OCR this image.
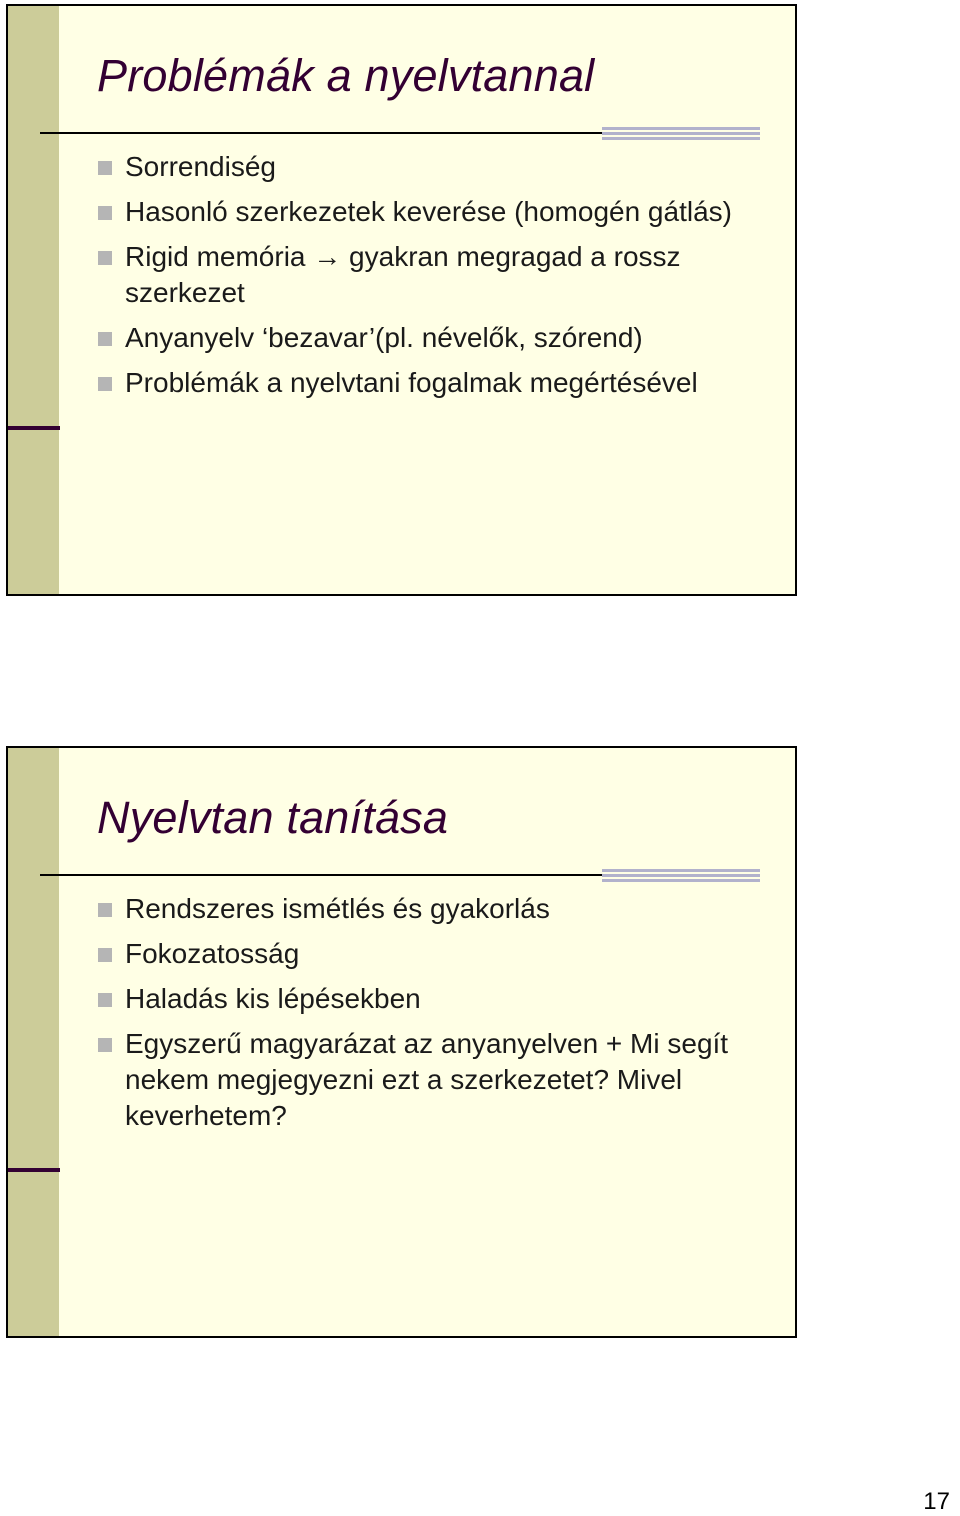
Problémák a nyelvtannal
Sorrendiség
Hasonló szerkezetek keverése (homogén gátlás)
Rigid memória → gyakran megragad a rossz szerkezet
Anyanyelv ‘bezavar’(pl. névelők, szórend)
Problémák a nyelvtani fogalmak megértésével
Nyelvtan tanítása
Rendszeres ismétlés és gyakorlás
Fokozatosság
Haladás kis lépésekben
Egyszerű magyarázat az anyanyelven + Mi segít nekem megjegyezni ezt a szerkezetet? Mivel keverhetem?
17
